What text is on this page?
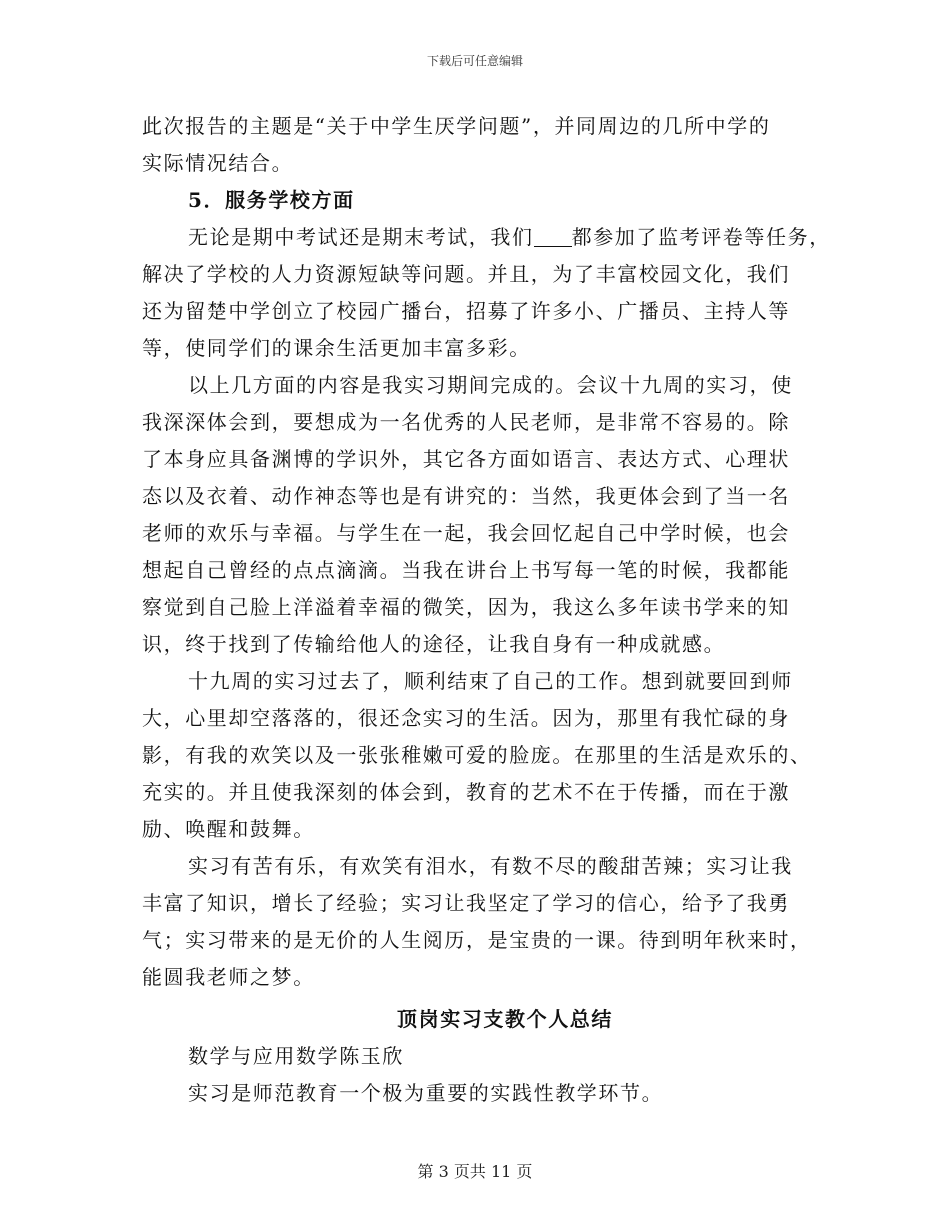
下载后可任意编辑
此次报告的主题是“关于中学生厌学问题”，并同周边的几所中学的
实际情况结合。
5．服务学校方面
无论是期中考试还是期末考试，我们 都参加了监考评卷等任务，
解决了学校的人力资源短缺等问题。并且，为了丰富校园文化，我们
还为留楚中学创立了校园广播台，招募了许多小、广播员、主持人等
等，使同学们的课余生活更加丰富多彩。
以上几方面的内容是我实习期间完成的。会议十九周的实习，使
我深深体会到，要想成为一名优秀的人民老师，是非常不容易的。除
了本身应具备渊博的学识外，其它各方面如语言、表达方式、心理状
态以及衣着、动作神态等也是有讲究的：当然，我更体会到了当一名
老师的欢乐与幸福。与学生在一起，我会回忆起自己中学时候，也会
想起自己曾经的点点滴滴。当我在讲台上书写每一笔的时候，我都能
察觉到自己脸上洋溢着幸福的微笑，因为，我这么多年读书学来的知
识，终于找到了传输给他人的途径，让我自身有一种成就感。
十九周的实习过去了，顺利结束了自己的工作。想到就要回到师
大，心里却空落落的，很还念实习的生活。因为，那里有我忙碌的身
影，有我的欢笑以及一张张稚嫩可爱的脸庞。在那里的生活是欢乐的、
充实的。并且使我深刻的体会到，教育的艺术不在于传播，而在于激
励、唤醒和鼓舞。
实习有苦有乐，有欢笑有泪水，有数不尽的酸甜苦辣；实习让我
丰富了知识，增长了经验；实习让我坚定了学习的信心，给予了我勇
气；实习带来的是无价的人生阅历，是宝贵的一课。待到明年秋来时，
能圆我老师之梦。
顶岗实习支教个人总结
数学与应用数学陈玉欣
实习是师范教育一个极为重要的实践性教学环节。
第 3 页共 11 页
